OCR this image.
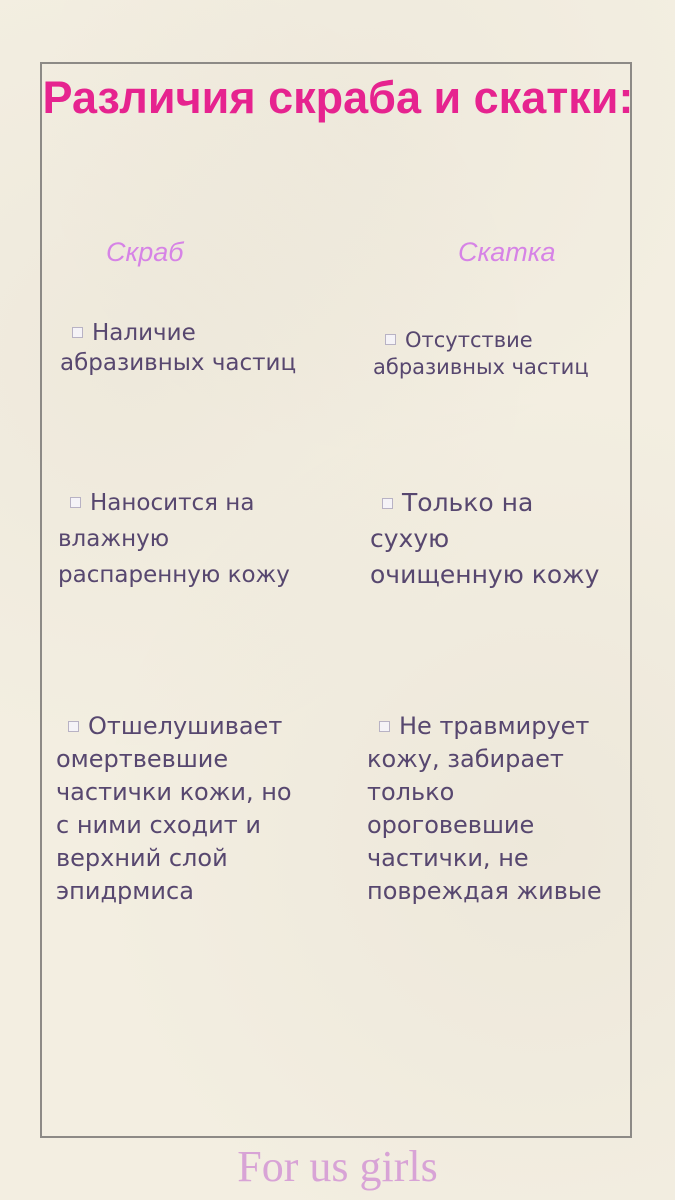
Различия скраба и скатки:

Скраб	Скатка

Наличие
абразивных частиц

Отсутствие
абразивных частиц

Наносится на
влажную
распаренную кожу

Только на
сухую
очищенную кожу

Отшелушивает
омертвевшие
частички кожи, но
с ними сходит и
верхний слой
эпидрмиса

Не травмирует
кожу, забирает
только
ороговевшие
частички, не
повреждая живые

For us girls
